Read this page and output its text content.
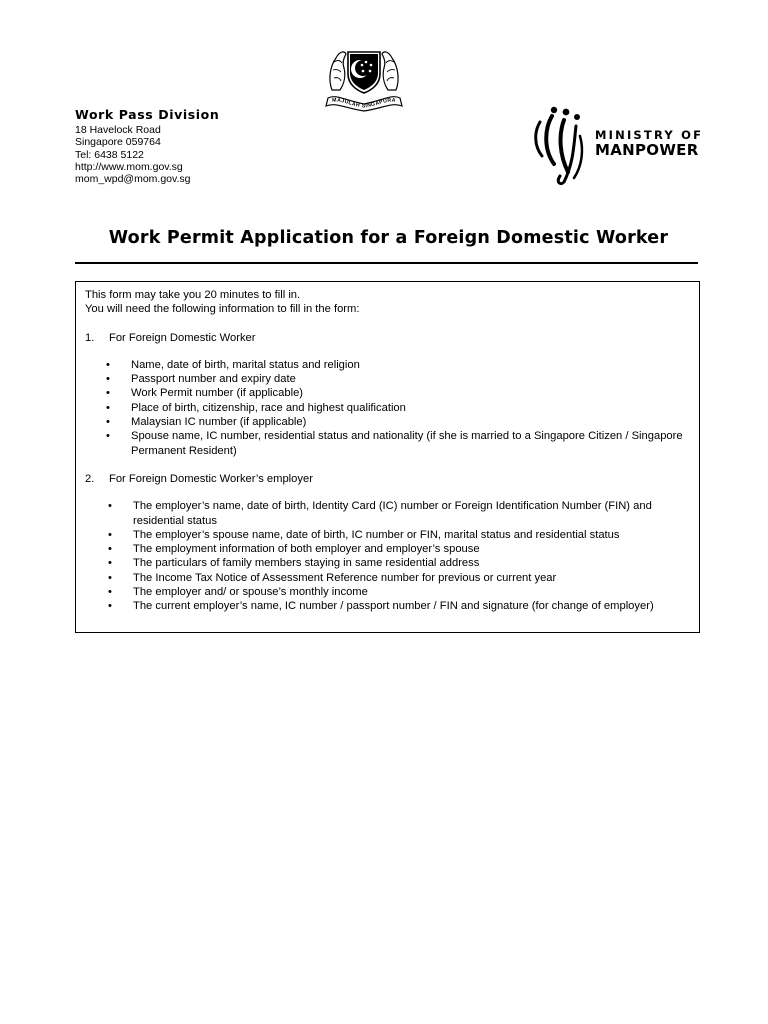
MAJULAH SINGAPURA
Work Pass Division
18 Havelock Road
Singapore 059764
Tel: 6438 5122
http://www.mom.gov.sg
mom_wpd@mom.gov.sg
MINISTRY OF
MANPOWER
Work Permit Application for a Foreign Domestic Worker

This form may take you 20 minutes to fill in.

You will need the following information to fill in the form:

1. For Foreign Domestic Worker

• Name, date of birth, marital status and religion
• Passport number and expiry date
• Work Permit number (if applicable)
• Place of birth, citizenship, race and highest qualification
• Malaysian IC number (if applicable)
• Spouse name, IC number, residential status and nationality (if she is married to a Singapore Citizen / Singapore Permanent Resident)

2. For Foreign Domestic Worker’s employer

• The employer’s name, date of birth, Identity Card (IC) number or Foreign Identification Number (FIN) and residential status
• The employer’s spouse name, date of birth, IC number or FIN, marital status and residential status
• The employment information of both employer and employer’s spouse
• The particulars of family members staying in same residential address
• The Income Tax Notice of Assessment Reference number for previous or current year
• The employer and/ or spouse’s monthly income
• The current employer’s name, IC number / passport number / FIN and signature (for change of employer)
